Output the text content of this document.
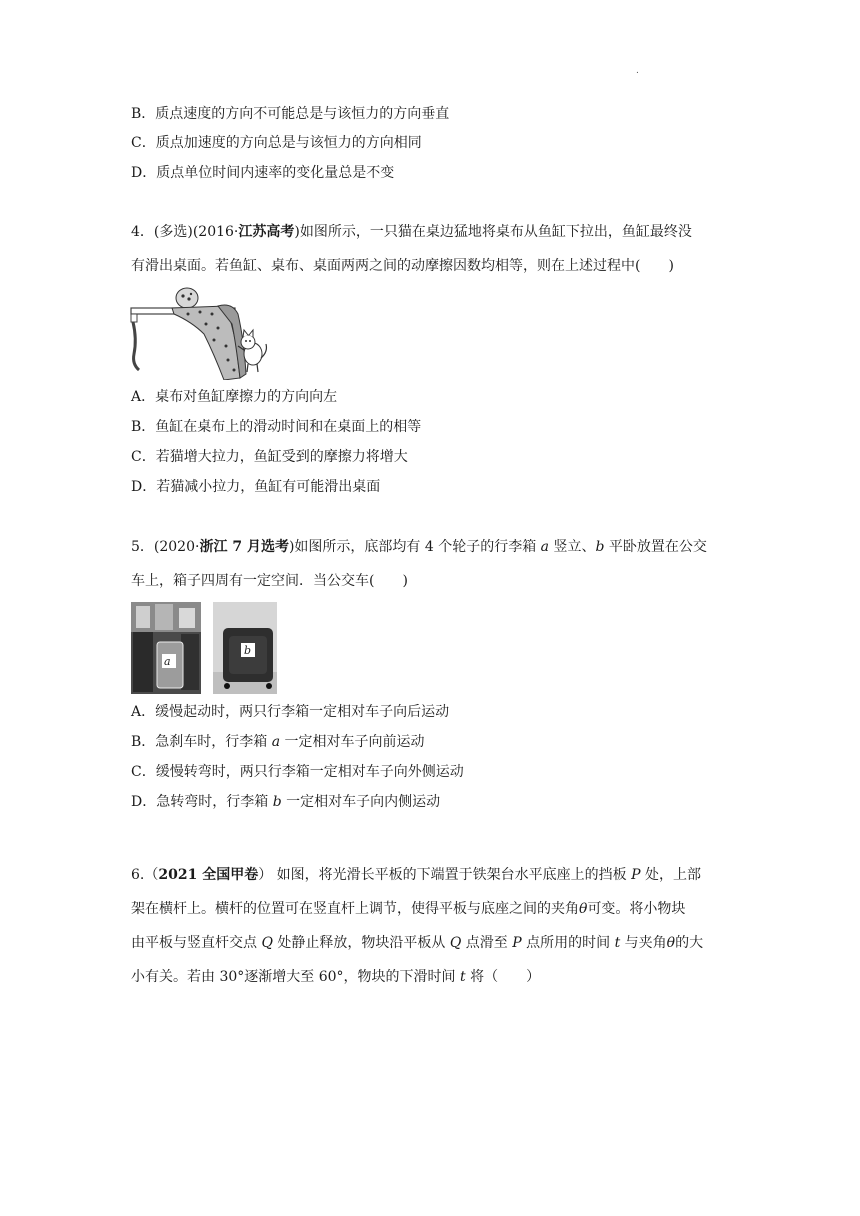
.
B．质点速度的方向不可能总是与该恒力的方向垂直
C．质点加速度的方向总是与该恒力的方向相同
D．质点单位时间内速率的变化量总是不变
4．(多选)(2016·江苏高考)如图所示，一只猫在桌边猛地将桌布从鱼缸下拉出，鱼缸最终没
有滑出桌面。若鱼缸、桌布、桌面两两之间的动摩擦因数均相等，则在上述过程中(　　)
A．桌布对鱼缸摩擦力的方向向左
B．鱼缸在桌布上的滑动时间和在桌面上的相等
C．若猫增大拉力，鱼缸受到的摩擦力将增大
D．若猫减小拉力，鱼缸有可能滑出桌面
5．(2020·浙江 7 月选考)如图所示，底部均有 4 个轮子的行李箱 a 竖立、b 平卧放置在公交
车上，箱子四周有一定空间．当公交车(　　)
a
b
A．缓慢起动时，两只行李箱一定相对车子向后运动
B．急刹车时，行李箱 a 一定相对车子向前运动
C．缓慢转弯时，两只行李箱一定相对车子向外侧运动
D．急转弯时，行李箱 b 一定相对车子向内侧运动
6.（2021 全国甲卷） 如图，将光滑长平板的下端置于铁架台水平底座上的挡板 P 处，上部
架在横杆上。横杆的位置可在竖直杆上调节，使得平板与底座之间的夹角θ可变。将小物块
由平板与竖直杆交点 Q 处静止释放，物块沿平板从 Q 点滑至 P 点所用的时间 t 与夹角θ的大
小有关。若由 30°逐渐增大至 60°，物块的下滑时间 t 将（　　）
